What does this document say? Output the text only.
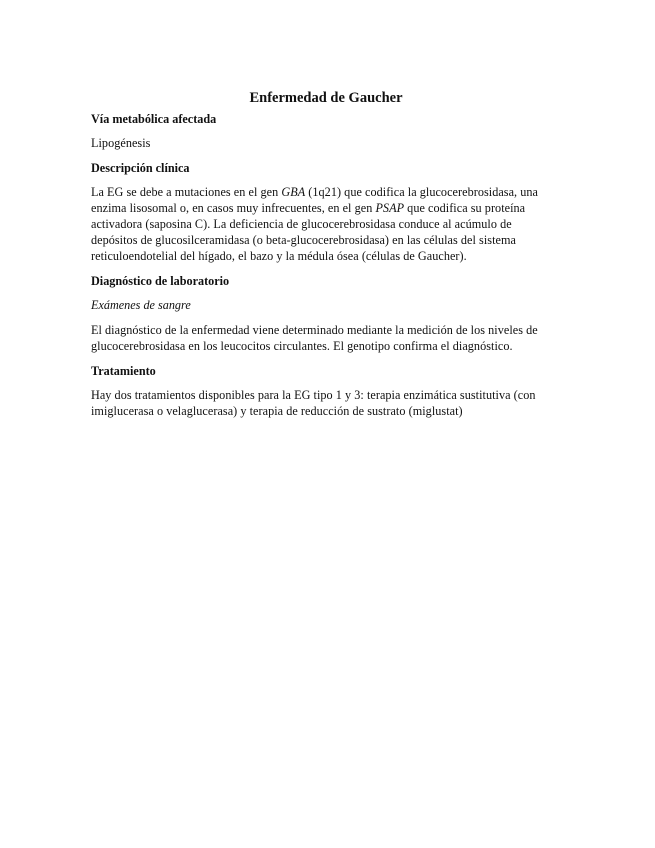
Enfermedad de Gaucher
Vía metabólica afectada
Lipogénesis
Descripción clínica
La EG se debe a mutaciones en el gen GBA (1q21) que codifica la glucocerebrosidasa, una enzima lisosomal o, en casos muy infrecuentes, en el gen PSAP que codifica su proteína activadora (saposina C). La deficiencia de glucocerebrosidasa conduce al acúmulo de depósitos de glucosilceramidasa (o beta-glucocerebrosidasa) en las células del sistema reticuloendotelial del hígado, el bazo y la médula ósea (células de Gaucher).
Diagnóstico de laboratorio
Exámenes de sangre
El diagnóstico de la enfermedad viene determinado mediante la medición de los niveles de glucocerebrosidasa en los leucocitos circulantes. El genotipo confirma el diagnóstico.
Tratamiento
Hay dos tratamientos disponibles para la EG tipo 1 y 3: terapia enzimática sustitutiva (con imiglucerasa o velaglucerasa) y terapia de reducción de sustrato (miglustat)
